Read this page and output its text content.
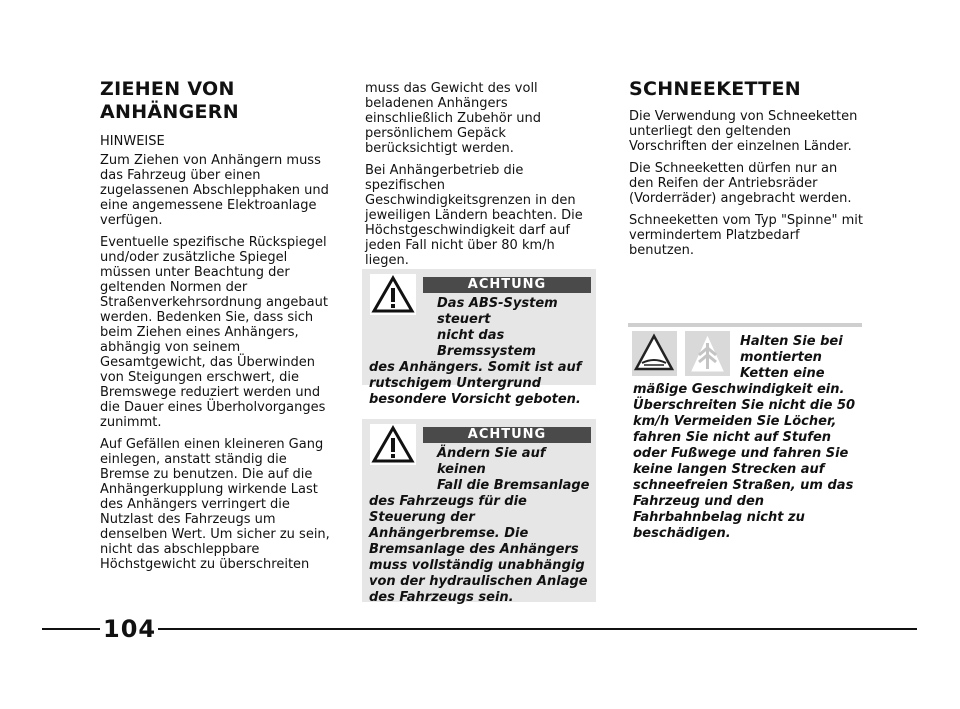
ZIEHEN VON
ANHÄNGERN

HINWEISE

Zum Ziehen von Anhängern muss das Fahrzeug über einen zugelassenen Abschlepphaken und eine angemessene Elektroanlage verfügen.

Eventuelle spezifische Rückspiegel und/oder zusätzliche Spiegel müssen unter Beachtung der geltenden Normen der Straßenverkehrsordnung angebaut werden. Bedenken Sie, dass sich beim Ziehen eines Anhängers, abhängig von seinem Gesamtgewicht, das Überwinden von Steigungen erschwert, die Bremswege reduziert werden und die Dauer eines Überholvorganges zunimmt.

Auf Gefällen einen kleineren Gang einlegen, anstatt ständig die Bremse zu benutzen. Die auf die Anhängerkupplung wirkende Last des Anhängers verringert die Nutzlast des Fahrzeugs um denselben Wert. Um sicher zu sein, nicht das abschleppbare Höchstgewicht zu überschreiten

muss das Gewicht des voll beladenen Anhängers einschließlich Zubehör und persönlichem Gepäck berücksichtigt werden.

Bei Anhängerbetrieb die spezifischen Geschwindigkeitsgrenzen in den jeweiligen Ländern beachten. Die Höchstgeschwindigkeit darf auf jeden Fall nicht über 80 km/h liegen.

ACHTUNG
Das ABS-System steuert
nicht das Bremssystem
des Anhängers. Somit ist auf rutschigem Untergrund besondere Vorsicht geboten.
ACHTUNG
Ändern Sie auf keinen
Fall die Bremsanlage
des Fahrzeugs für die Steuerung der Anhängerbremse. Die Bremsanlage des Anhängers muss vollständig unabhängig von der hydraulischen Anlage des Fahrzeugs sein.
SCHNEEKETTEN

Die Verwendung von Schneeketten unterliegt den geltenden Vorschriften der einzelnen Länder.

Die Schneeketten dürfen nur an den Reifen der Antriebsräder (Vorderräder) angebracht werden.

Schneeketten vom Typ "Spinne" mit vermindertem Platzbedarf benutzen.

Halten Sie bei
montierten
Ketten eine
mäßige Geschwindigkeit ein. Überschreiten Sie nicht die 50 km/h Vermeiden Sie Löcher, fahren Sie nicht auf Stufen oder Fußwege und fahren Sie keine langen Strecken auf schneefreien Straßen, um das Fahrzeug und den Fahrbahnbelag nicht zu beschädigen.
104
